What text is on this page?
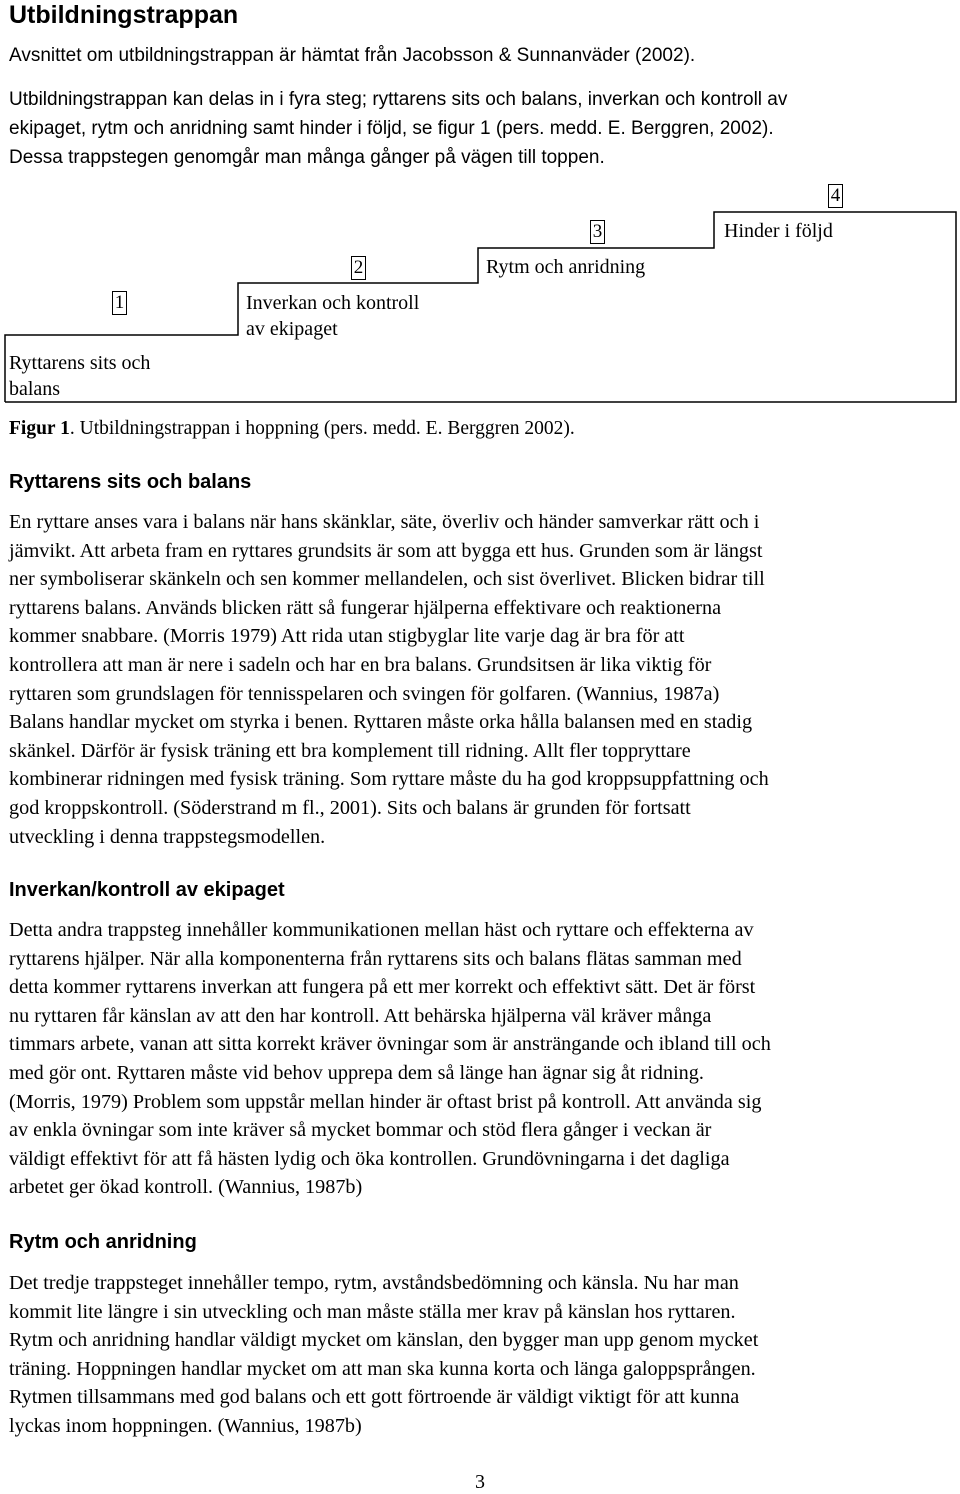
Utbildningstrappan
Avsnittet om utbildningstrappan är hämtat från Jacobsson & Sunnanväder (2002).
Utbildningstrappan kan delas in i fyra steg; ryttarens sits och balans, inverkan och kontroll av
ekipaget, rytm och anridning samt hinder i följd, se figur 1 (pers. medd. E. Berggren, 2002).
Dessa trappstegen genomgår man många gånger på vägen till toppen.
1
2
3
4
Ryttarens sits och
balans
Inverkan och kontroll
av ekipaget
Rytm och anridning
Hinder i följd
Figur 1. Utbildningstrappan i hoppning (pers. medd. E. Berggren 2002).
Ryttarens sits och balans
En ryttare anses vara i balans när hans skänklar, säte, överliv och händer samverkar rätt och i
jämvikt. Att arbeta fram en ryttares grundsits är som att bygga ett hus. Grunden som är längst
ner symboliserar skänkeln och sen kommer mellandelen, och sist överlivet. Blicken bidrar till
ryttarens balans. Används blicken rätt så fungerar hjälperna effektivare och reaktionerna
kommer snabbare. (Morris 1979) Att rida utan stigbyglar lite varje dag är bra för att
kontrollera att man är nere i sadeln och har en bra balans. Grundsitsen är lika viktig för
ryttaren som grundslagen för tennisspelaren och svingen för golfaren. (Wannius, 1987a)
Balans handlar mycket om styrka i benen. Ryttaren måste orka hålla balansen med en stadig
skänkel. Därför är fysisk träning ett bra komplement till ridning. Allt fler toppryttare
kombinerar ridningen med fysisk träning. Som ryttare måste du ha god kroppsuppfattning och
god kroppskontroll. (Söderstrand m fl., 2001). Sits och balans är grunden för fortsatt
utveckling i denna trappstegsmodellen.
Inverkan/kontroll av ekipaget
Detta andra trappsteg innehåller kommunikationen mellan häst och ryttare och effekterna av
ryttarens hjälper. När alla komponenterna från ryttarens sits och balans flätas samman med
detta kommer ryttarens inverkan att fungera på ett mer korrekt och effektivt sätt. Det är först
nu ryttaren får känslan av att den har kontroll. Att behärska hjälperna väl kräver många
timmars arbete, vanan att sitta korrekt kräver övningar som är ansträngande och ibland till och
med gör ont. Ryttaren måste vid behov upprepa dem så länge han ägnar sig åt ridning.
(Morris, 1979) Problem som uppstår mellan hinder är oftast brist på kontroll. Att använda sig
av enkla övningar som inte kräver så mycket bommar och stöd flera gånger i veckan är
väldigt effektivt för att få hästen lydig och öka kontrollen. Grundövningarna i det dagliga
arbetet ger ökad kontroll. (Wannius, 1987b)
Rytm och anridning
Det tredje trappsteget innehåller tempo, rytm, avståndsbedömning och känsla. Nu har man
kommit lite längre i sin utveckling och man måste ställa mer krav på känslan hos ryttaren.
Rytm och anridning handlar väldigt mycket om känslan, den bygger man upp genom mycket
träning. Hoppningen handlar mycket om att man ska kunna korta och länga galoppsprången.
Rytmen tillsammans med god balans och ett gott förtroende är väldigt viktigt för att kunna
lyckas inom hoppningen. (Wannius, 1987b)
3
